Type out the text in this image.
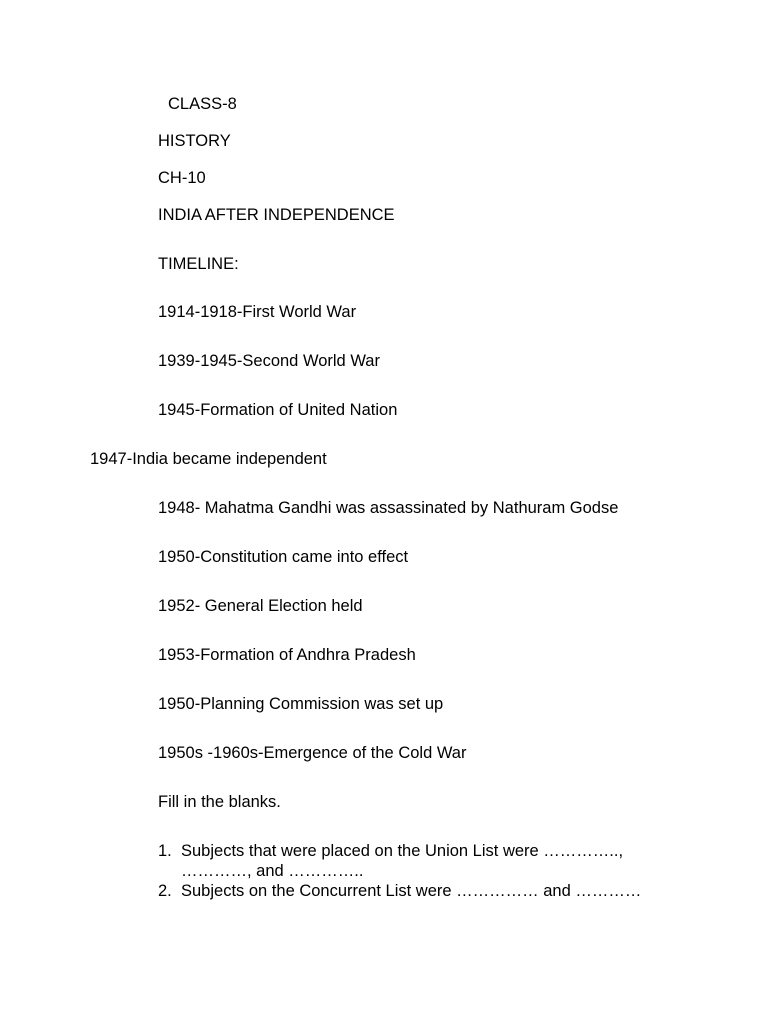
CLASS-8

HISTORY

CH-10

INDIA AFTER INDEPENDENCE

TIMELINE:

1914-1918-First World War

1939-1945-Second World War

1945-Formation of United Nation

1947-India became independent

1948- Mahatma Gandhi was assassinated by Nathuram Godse

1950-Constitution came into effect

1952- General Election held

1953-Formation of Andhra Pradesh

1950-Planning Commission was set up

1950s -1960s-Emergence of the Cold War

Fill in the blanks.

1. Subjects that were placed on the Union List were …………..,
…………, and …………..
2. Subjects on the Concurrent List were …………… and …………
